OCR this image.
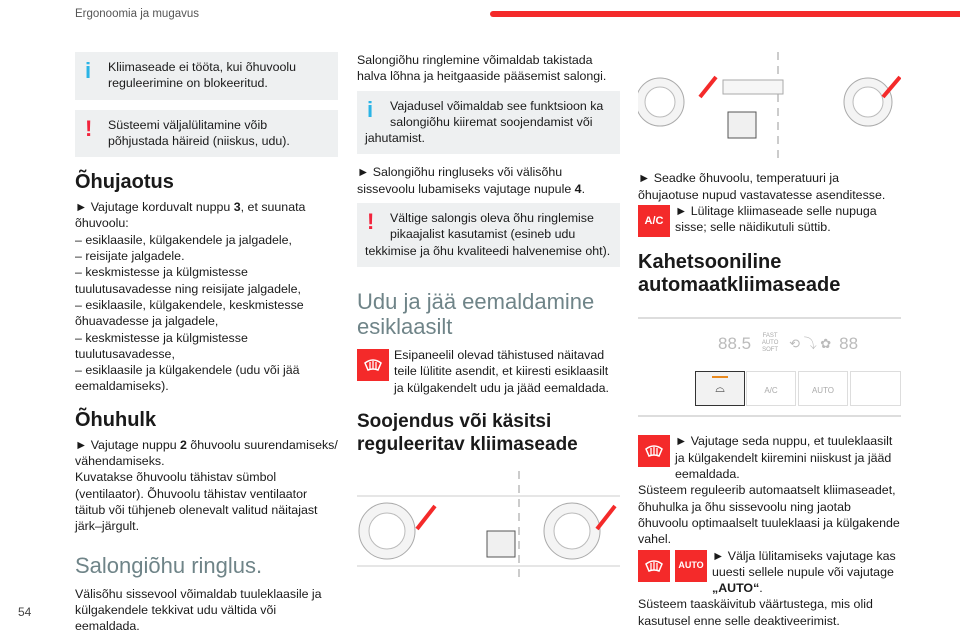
Ergonoomia ja mugavus
54
i	Kliimaseade ei tööta, kui õhuvoolu reguleerimine on blokeeritud.
!	Süsteemi väljalülitamine võib põhjustada häireid (niiskus, udu).
Õhujaotus

► Vajutage korduvalt nuppu 3, et suunata õhuvoolu:

– esiklaasile, külgakendele ja jalgadele,

– reisijate jalgadele.

– keskmistesse ja külgmistesse tuulutusavadesse ning reisijate jalgadele,

– esiklaasile, külgakendele, keskmistesse õhuavadesse ja jalgadele,

– keskmistesse ja külgmistesse tuulutusavadesse,

– esiklaasile ja külgakendele (udu või jää eemaldamiseks).

Õhuhulk

► Vajutage nuppu 2 õhuvoolu suurendamiseks/ vähendamiseks.

Kuvatakse õhuvoolu tähistav sümbol (ventilaator). Õhuvoolu tähistav ventilaator täitub või tühjeneb olenevalt valitud näitajast järk–järgult.

Salongiõhu ringlus.

Välisõhu sissevool võimaldab tuuleklaasile ja külgakendele tekkivat udu vältida või eemaldada.

Salongiõhu ringlemine võimaldab takistada halva lõhna ja heitgaaside pääsemist salongi.

i	Vajadusel võimaldab see funktsioon ka salongiõhu kiiremat soojendamist või jahutamist.

► Salongiõhu ringluseks või välisõhu sissevoolu lubamiseks vajutage nupule 4.

!	Vältige salongis oleva õhu ringlemise pikaajalist kasutamist (esineb udu tekkimise ja õhu kvaliteedi halvenemise oht).
Udu ja jää eemaldamine esiklaasilt

Esipaneelil olevad tähistused näitavad teile lülitite asendit, et kiiresti esiklaasilt ja külgakendelt udu ja jääd eemaldada.

Soojendus või käsitsi reguleeritav kliimaseade

► Seadke õhuvoolu, temperatuuri ja õhujaotuse nupud vastavatesse asenditesse.

A/C
► Lülitage kliimaseade selle nupuga sisse; selle näidikutuli süttib.

Kahetsooniline automaatkliimaseade
88.5	FAST AUTO SOFT ⟲ ⤵ ✿ 88
⌓	A/C	AUTO

► Vajutage seda nuppu, et tuuleklaasilt ja külgakendelt kiiremini niiskust ja jääd eemaldada.

Süsteem reguleerib automaatselt kliimaseadet, õhuhulka ja õhu sissevoolu ning jaotab õhuvoolu optimaalselt tuuleklaasi ja külgakende vahel.

AUTO
► Välja lülitamiseks vajutage kas uuesti sellele nupule või vajutage „AUTO“.

Süsteem taaskäivitub väärtustega, mis olid kasutusel enne selle deaktiveerimist.
